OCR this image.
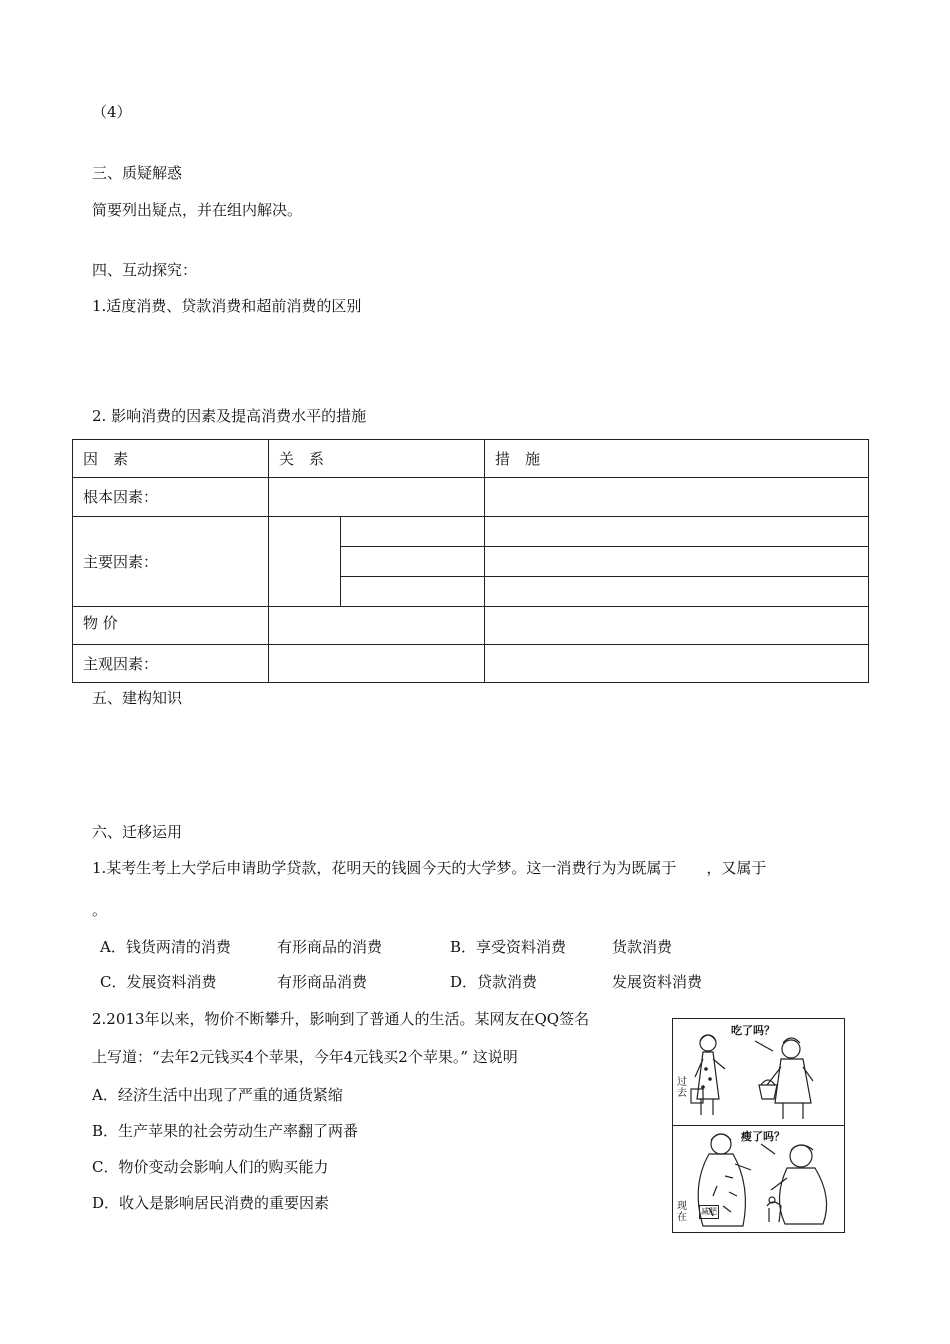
（4）
三、质疑解惑
简要列出疑点，并在组内解决。
四、互动探究：
1.适度消费、贷款消费和超前消费的区别
2. 影响消费的因素及提高消费水平的措施
因　素	关　系		措　施
根本因素：			
主要因素：			

物 价			
主观因素：			
五、建构知识
六、迁移运用
1.某考生考上大学后申请助学贷款，花明天的钱圆今天的大学梦。这一消费行为为既属于　　，又属于
。
A．钱货两清的消费	有形商品的消费	B．享受资料消费	货款消费
C．发展资料消费	有形商品消费	D．贷款消费	发展资料消费
2.2013年以来，物价不断攀升，影响到了普通人的生活。某网友在QQ签名
上写道：“去年2元钱买4个苹果，今年4元钱买2个苹果。” 这说明
A．经济生活中出现了严重的通货紧缩
B．生产苹果的社会劳动生产率翻了两番
C．物价变动会影响人们的购买能力
D．收入是影响居民消费的重要因素
吃了吗？
过去
瘦了吗？
现在
减肥
